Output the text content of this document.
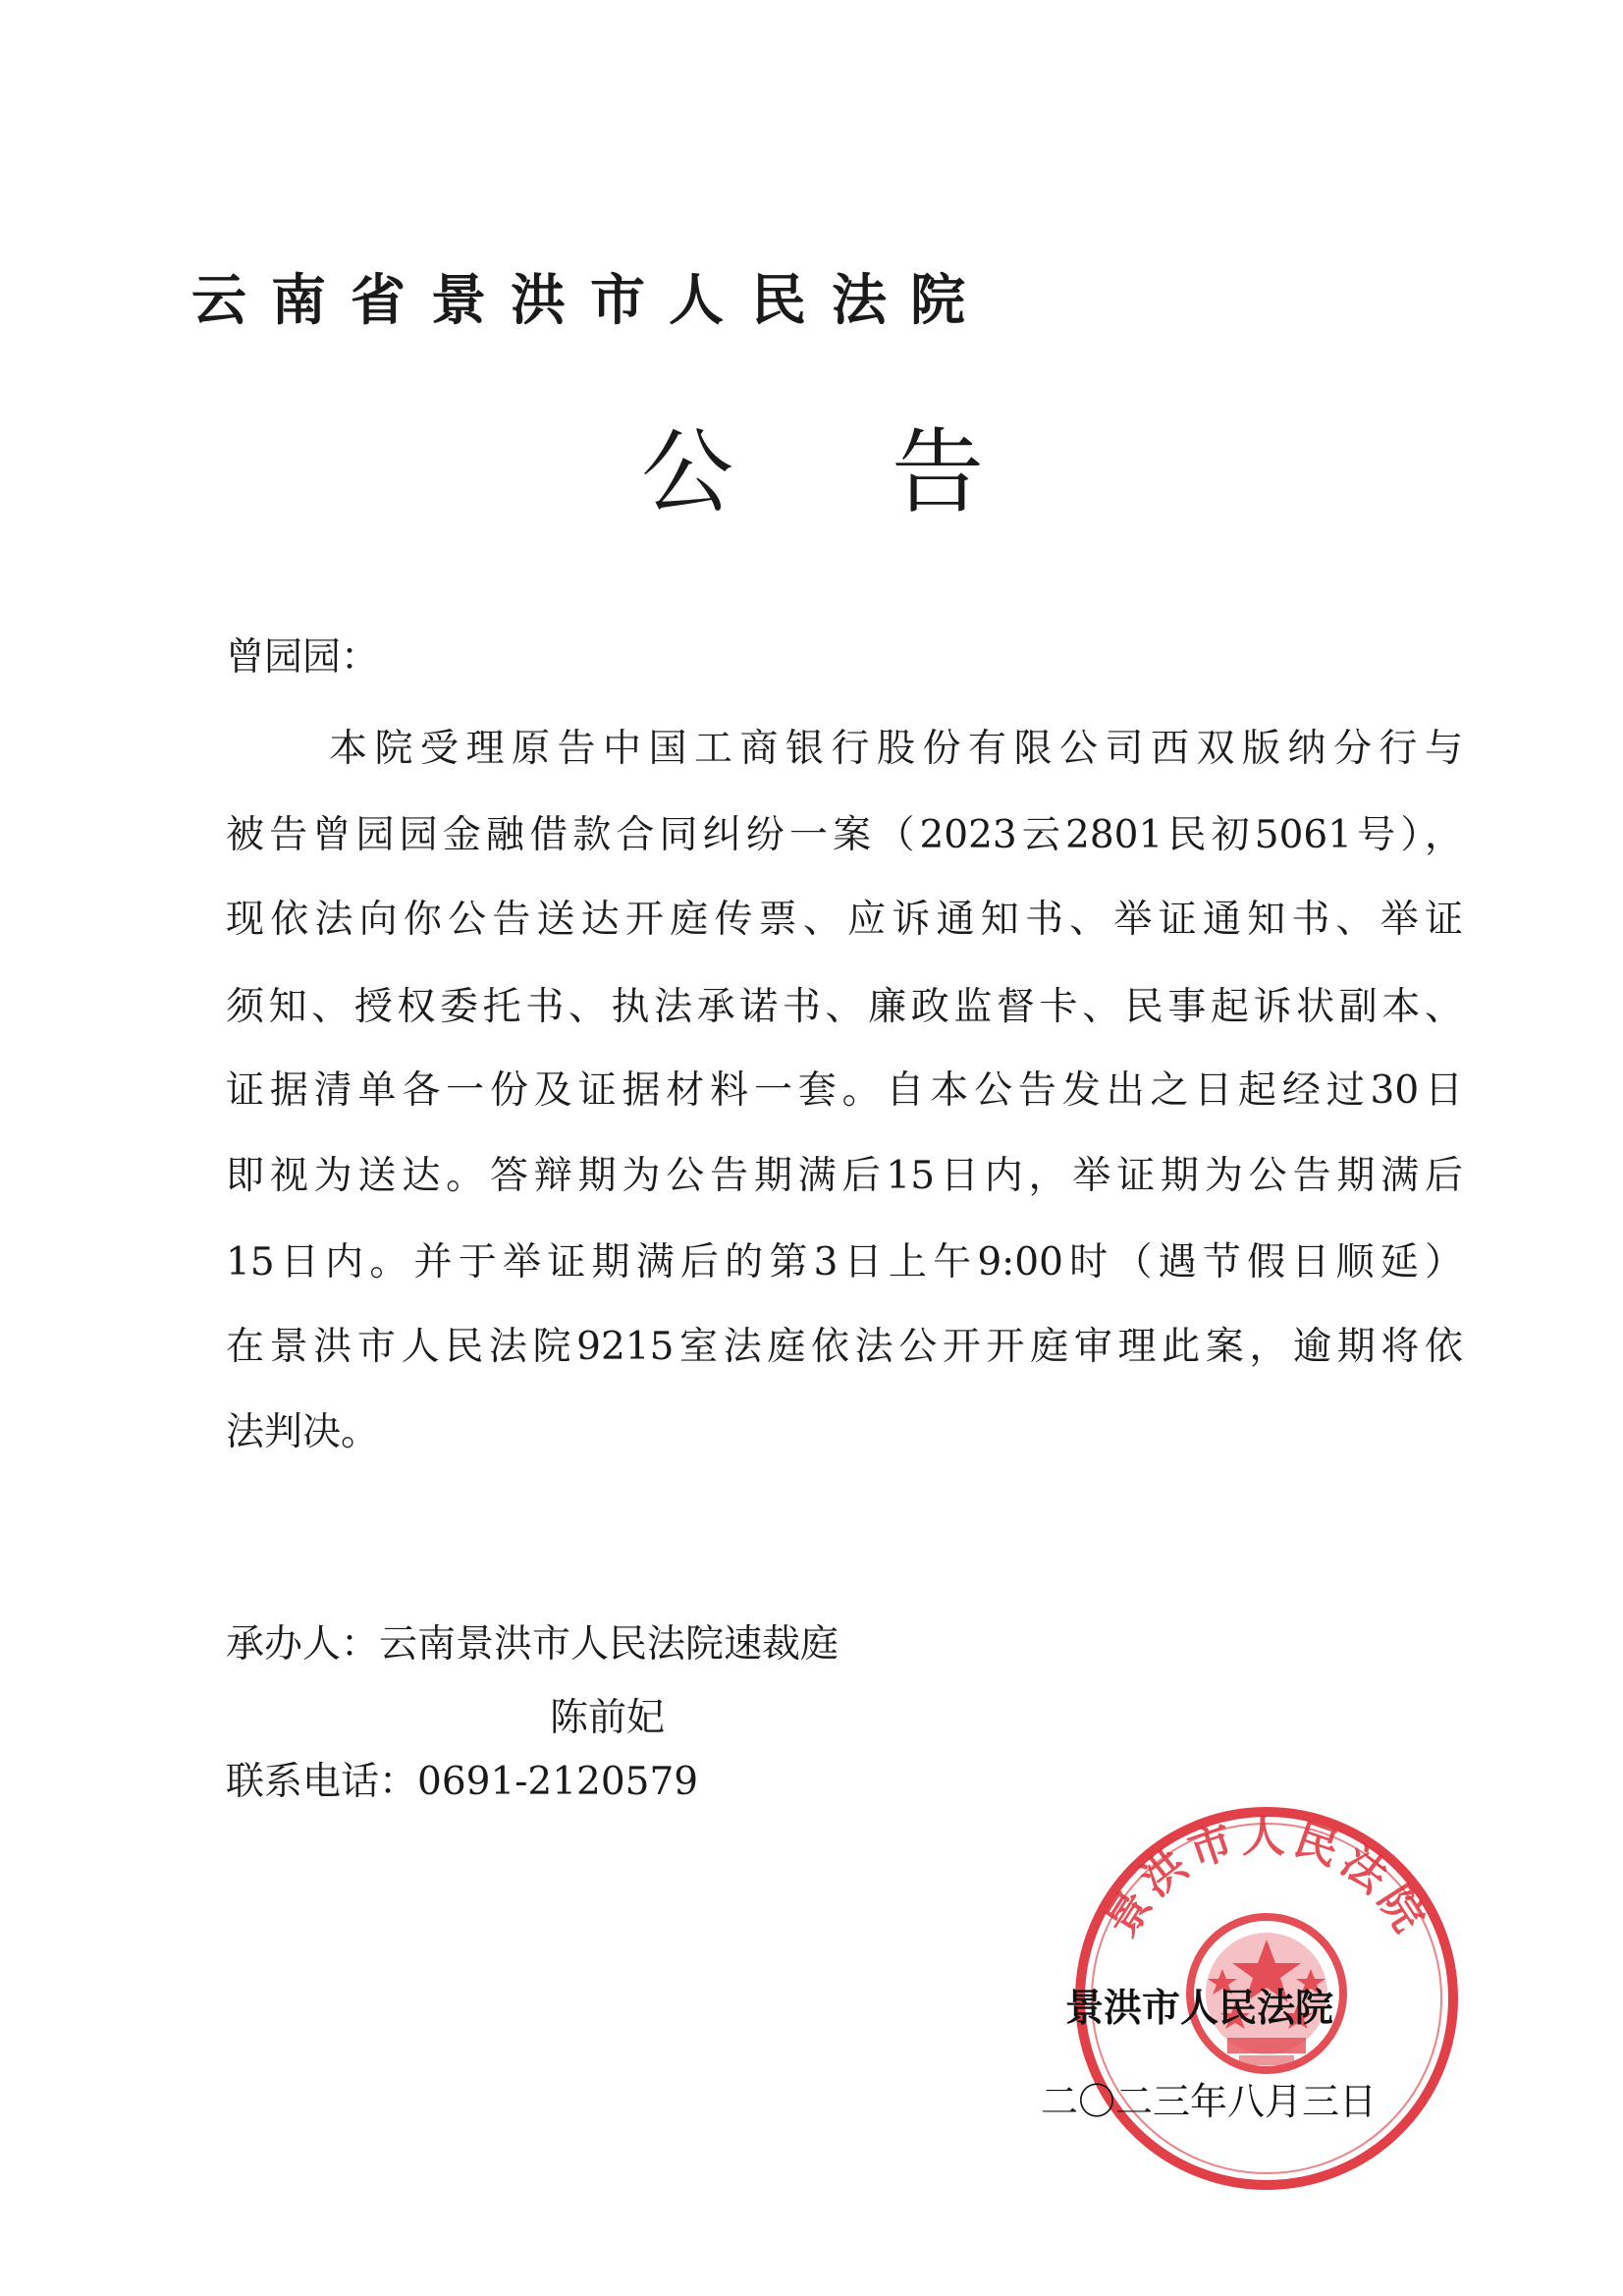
云 南 省 景 洪 市 人 民 法 院
公 告
曾园园：
本院受理原告中国工商银行股份有限公司西双版纳分行与
被告曾园园金融借款合同纠纷一案（2023云2801民初5061号），
现依法向你公告送达开庭传票、应诉通知书、举证通知书、举证
须知、授权委托书、执法承诺书、廉政监督卡、民事起诉状副本、
证据清单各一份及证据材料一套。自本公告发出之日起经过30日
即视为送达。答辩期为公告期满后15日内，举证期为公告期满后
15日内。并于举证期满后的第3日上午9:00时（遇节假日顺延）
在景洪市人民法院9215室法庭依法公开开庭审理此案，逾期将依
法判决。
承办人：云南景洪市人民法院速裁庭
陈前妃
联系电话：0691-2120579
景洪市人民法院
景洪市人民法院
二〇二三年八月三日
